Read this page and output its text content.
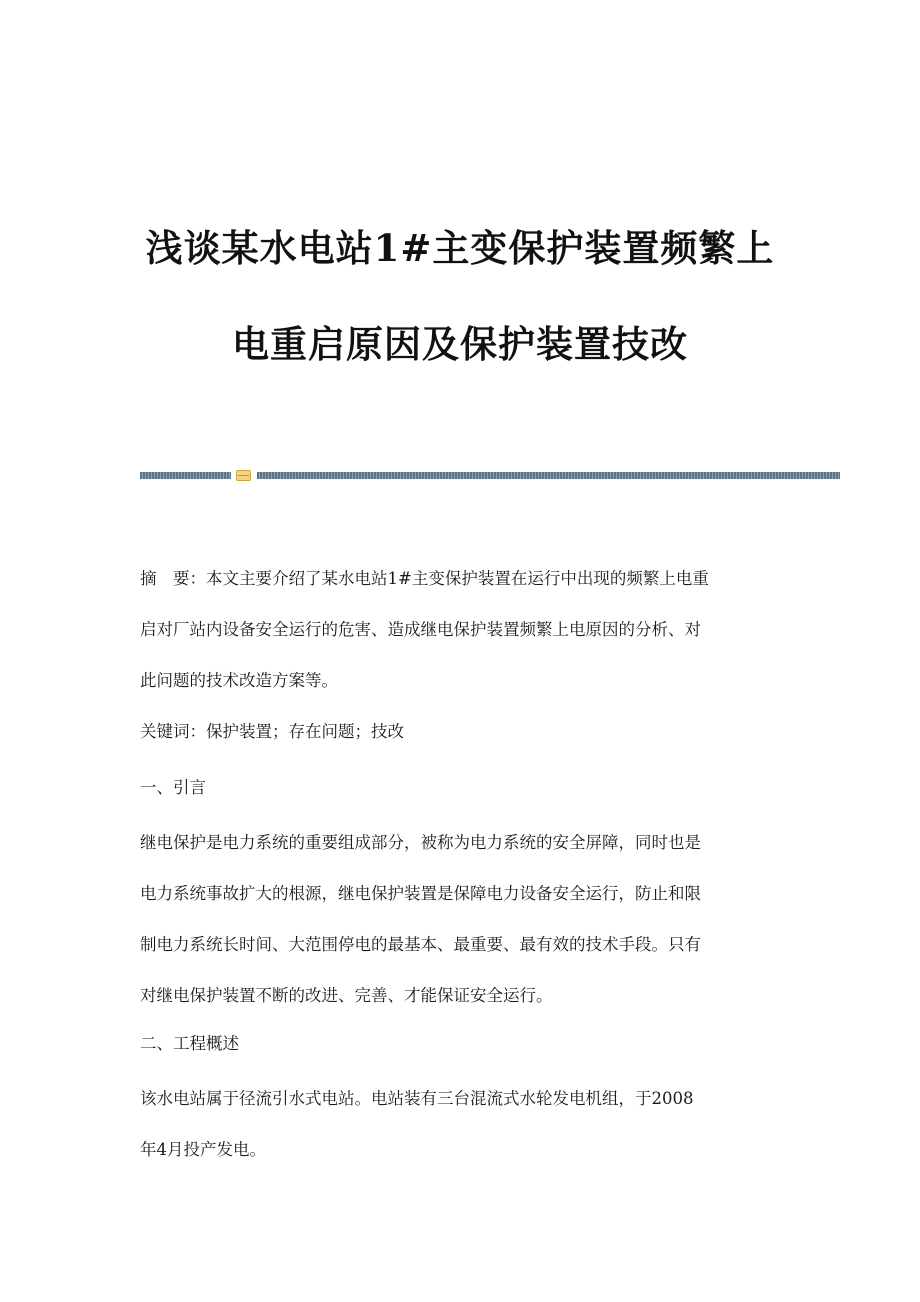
浅谈某水电站1#主变保护装置频繁上
电重启原因及保护装置技改
摘　要：本文主要介绍了某水电站1#主变保护装置在运行中出现的频繁上电重
启对厂站内设备安全运行的危害、造成继电保护装置频繁上电原因的分析、对
此问题的技术改造方案等。
关键词：保护装置；存在问题；技改
一、引言
继电保护是电力系统的重要组成部分，被称为电力系统的安全屏障，同时也是
电力系统事故扩大的根源，继电保护装置是保障电力设备安全运行，防止和限
制电力系统长时间、大范围停电的最基本、最重要、最有效的技术手段。只有
对继电保护装置不断的改进、完善、才能保证安全运行。
二、工程概述
该水电站属于径流引水式电站。电站装有三台混流式水轮发电机组，于2008
年4月投产发电。
